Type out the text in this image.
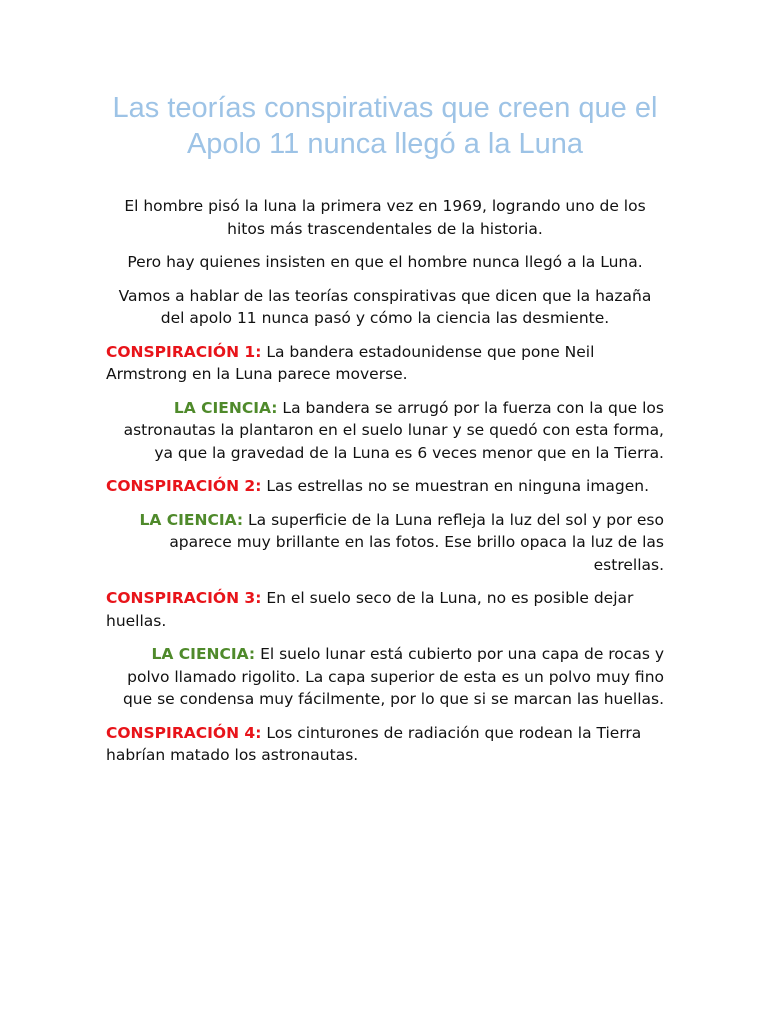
Las teorías conspirativas que creen que el Apolo 11 nunca llegó a la Luna

El hombre pisó la luna la primera vez en 1969, logrando uno de los hitos más trascendentales de la historia.

Pero hay quienes insisten en que el hombre nunca llegó a la Luna.

Vamos a hablar de las teorías conspirativas que dicen que la hazaña del apolo 11 nunca pasó y cómo la ciencia las desmiente.

CONSPIRACIÓN 1: La bandera estadounidense que pone Neil Armstrong en la Luna parece moverse.

LA CIENCIA: La bandera se arrugó por la fuerza con la que los astronautas la plantaron en el suelo lunar y se quedó con esta forma, ya que la gravedad de la Luna es 6 veces menor que en la Tierra.

CONSPIRACIÓN 2: Las estrellas no se muestran en ninguna imagen.

LA CIENCIA: La superficie de la Luna refleja la luz del sol y por eso aparece muy brillante en las fotos. Ese brillo opaca la luz de las estrellas.

CONSPIRACIÓN 3: En el suelo seco de la Luna, no es posible dejar huellas.

LA CIENCIA: El suelo lunar está cubierto por una capa de rocas y polvo llamado rigolito. La capa superior de esta es un polvo muy fino que se condensa muy fácilmente, por lo que si se marcan las huellas.

CONSPIRACIÓN 4: Los cinturones de radiación que rodean la Tierra habrían matado los astronautas.
